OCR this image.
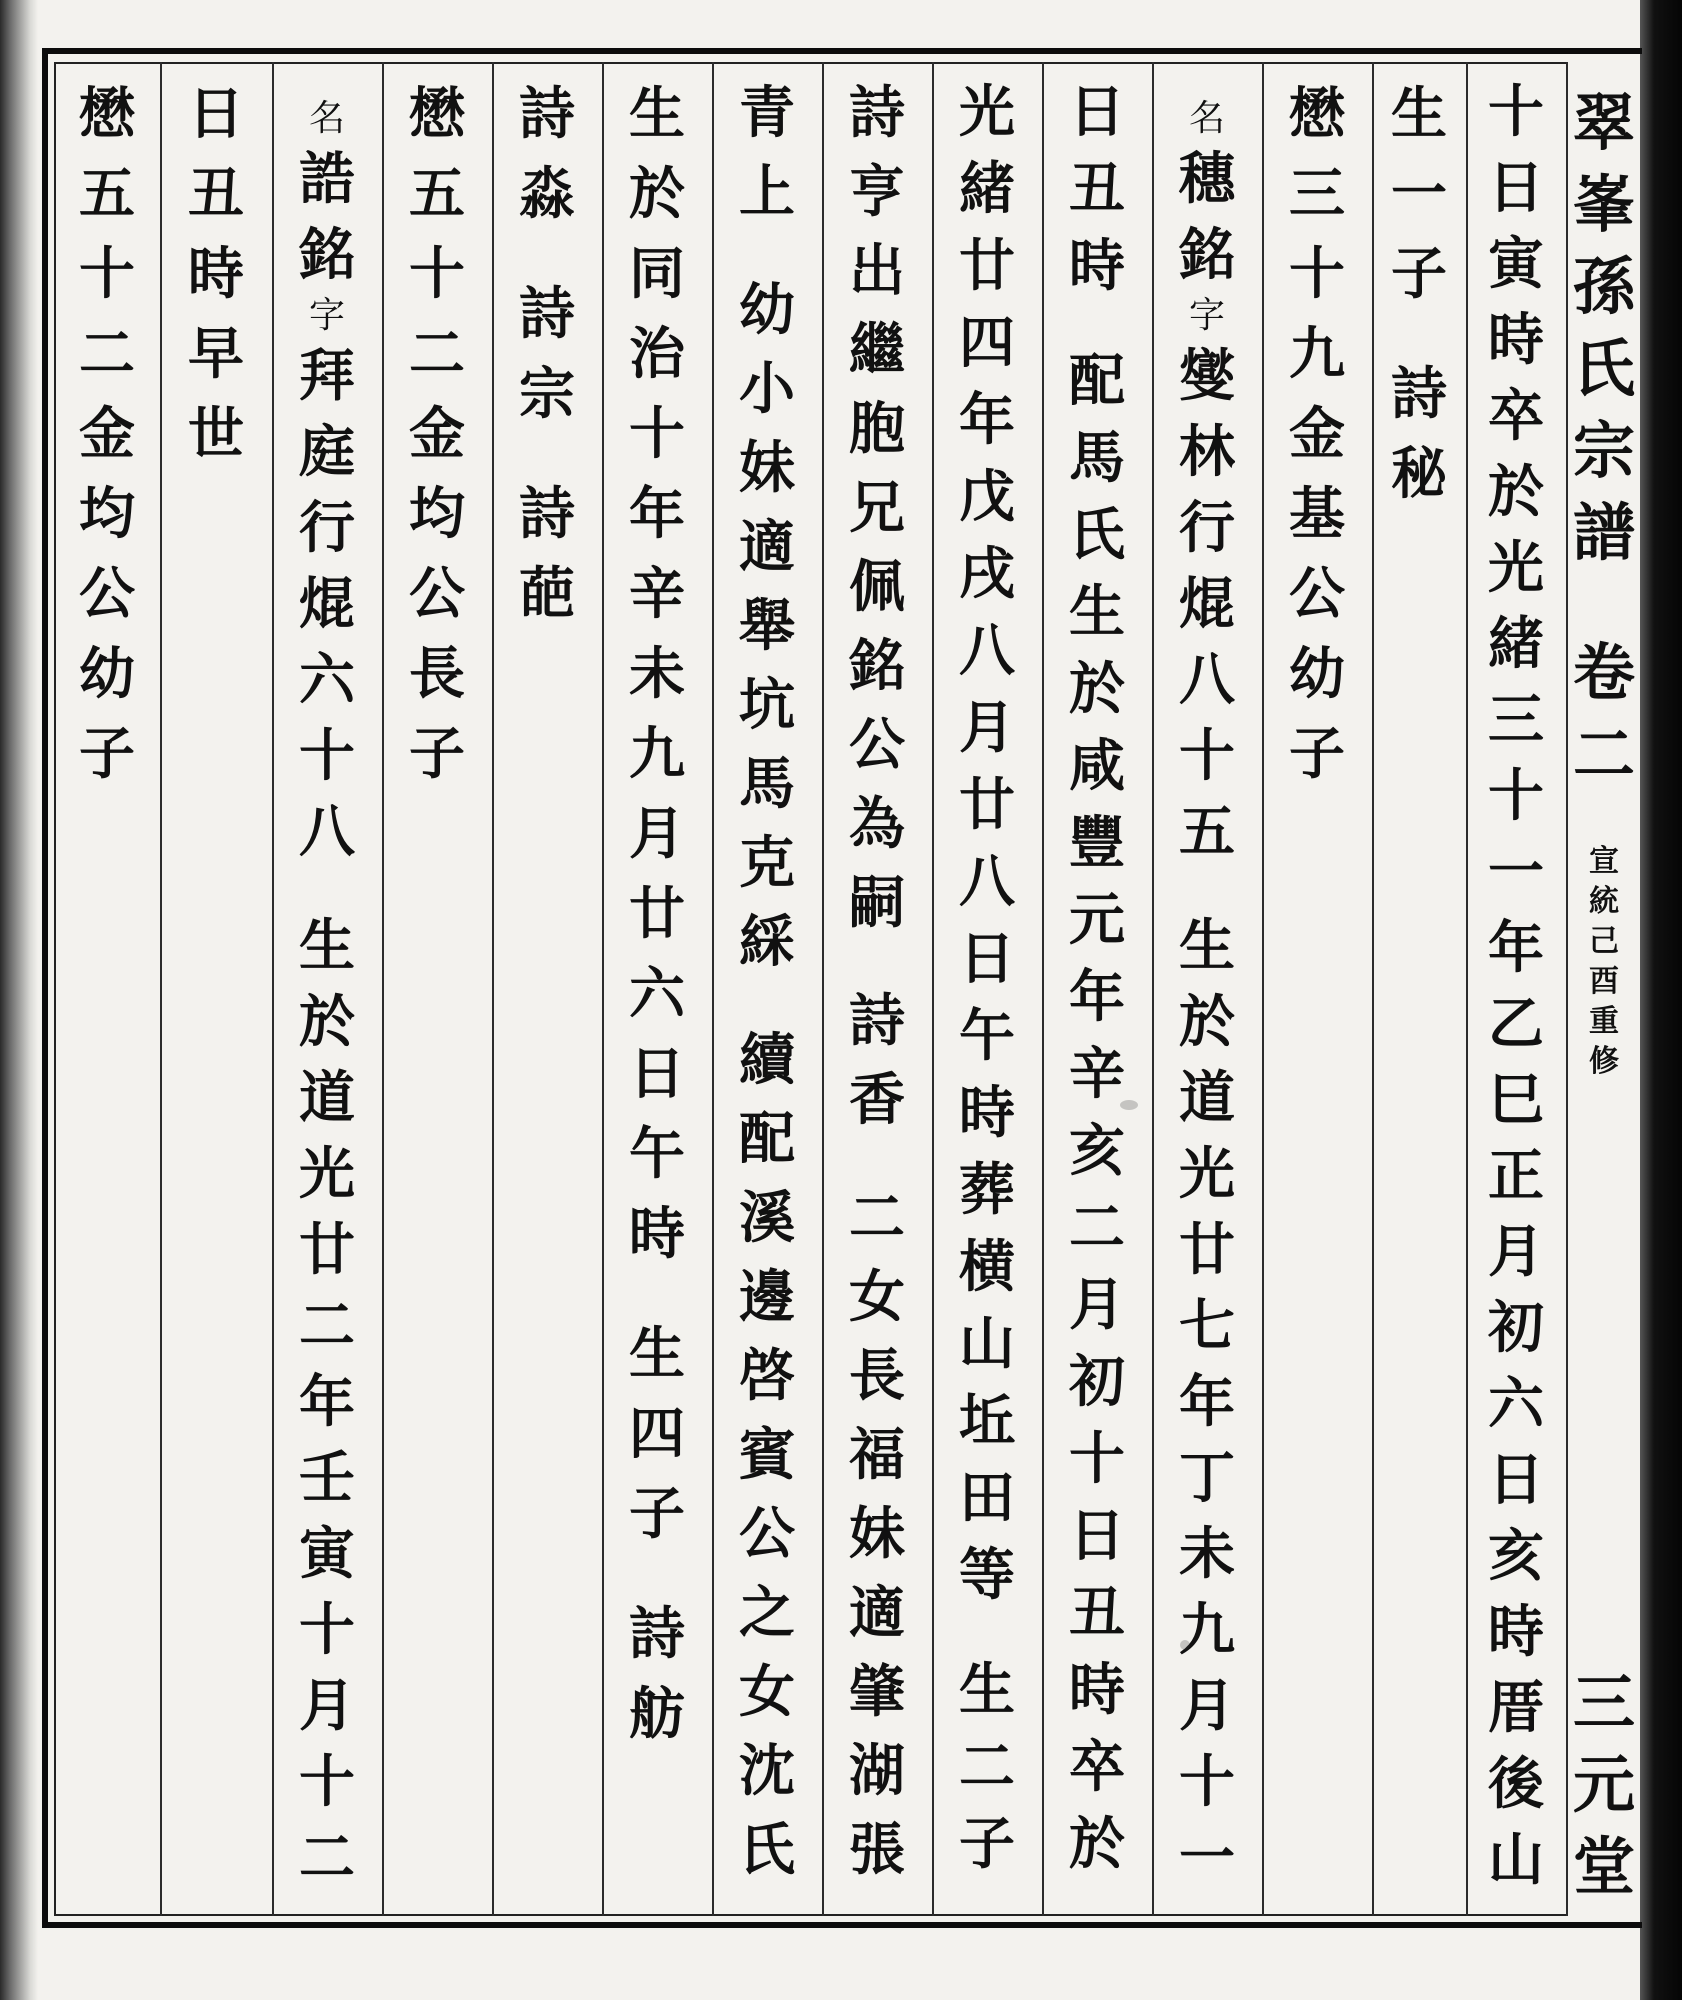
翠
峯
孫
氏
宗
譜
卷
二
宣
統
己
酉
重
修
三
元
堂
十
日
寅
時
卒
於
光
緒
三
十
一
年
乙
巳
正
月
初
六
日
亥
時
厝
後
山
生
一
子
詩
秘
懋
三
十
九
金
基
公
幼
子
名
穗
銘
字
燮
林
行
焜
八
十
五
生
於
道
光
廿
七
年
丁
未
九
月
十
一
日
丑
時
配
馬
氏
生
於
咸
豐
元
年
辛
亥
二
月
初
十
日
丑
時
卒
於
光
緒
廿
四
年
戊
戌
八
月
廿
八
日
午
時
葬
横
山
坵
田
等
生
二
子
詩
亨
出
繼
胞
兄
佩
銘
公
為
嗣
詩
香
二
女
長
福
妹
適
肇
湖
張
青
上
幼
小
妹
適
舉
坑
馬
克
綵
續
配
溪
邊
啓
賓
公
之
女
沈
氏
生
於
同
治
十
年
辛
未
九
月
廿
六
日
午
時
生
四
子
詩
舫
詩
淼
詩
宗
詩
葩
懋
五
十
二
金
均
公
長
子
名
誥
銘
字
拜
庭
行
焜
六
十
八
生
於
道
光
廿
二
年
壬
寅
十
月
十
二
日
丑
時
早
世
懋
五
十
二
金
均
公
幼
子
